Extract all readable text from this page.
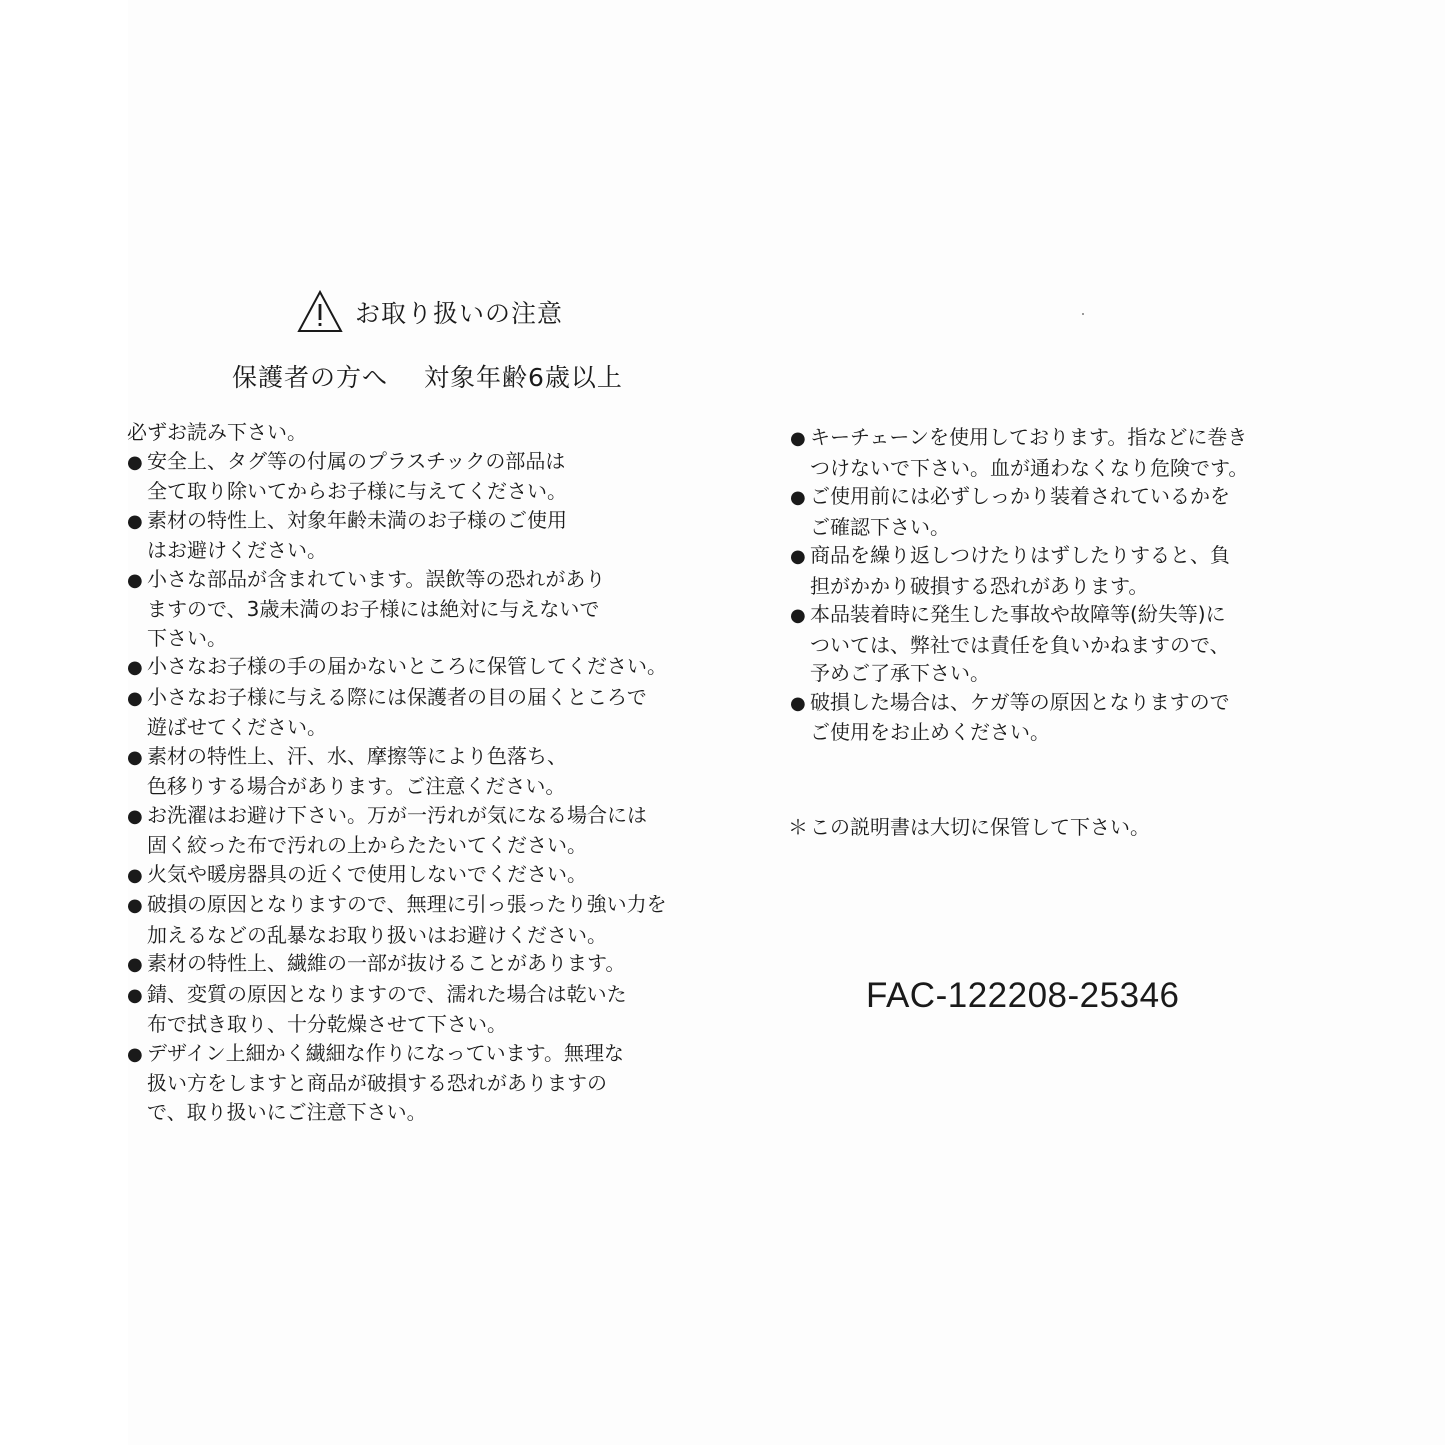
お取り扱いの注意
保護者の方へ 対象年齢6歳以上

必ずお読み下さい。

● 安全上、タグ等の付属のプラスチックの部品は
全て取り除いてからお子様に与えてください。
● 素材の特性上、対象年齢未満のお子様のご使用
はお避けください。
● 小さな部品が含まれています。誤飲等の恐れがあり
ますので、3歳未満のお子様には絶対に与えないで
下さい。
● 小さなお子様の手の届かないところに保管してください。
● 小さなお子様に与える際には保護者の目の届くところで
遊ばせてください。
● 素材の特性上、汗、水、摩擦等により色落ち、
色移りする場合があります。ご注意ください。
● お洗濯はお避け下さい。万が一汚れが気になる場合には
固く絞った布で汚れの上からたたいてください。
● 火気や暖房器具の近くで使用しないでください。
● 破損の原因となりますので、無理に引っ張ったり強い力を
加えるなどの乱暴なお取り扱いはお避けください。
● 素材の特性上、繊維の一部が抜けることがあります。
● 錆、変質の原因となりますので、濡れた場合は乾いた
布で拭き取り、十分乾燥させて下さい。
● デザイン上細かく繊細な作りになっています。無理な
扱い方をしますと商品が破損する恐れがありますの
で、取り扱いにご注意下さい。
● キーチェーンを使用しております。指などに巻き
つけないで下さい。血が通わなくなり危険です。
● ご使用前には必ずしっかり装着されているかを
ご確認下さい。
● 商品を繰り返しつけたりはずしたりすると、負
担がかかり破損する恐れがあります。
● 本品装着時に発生した事故や故障等(紛失等)に
ついては、弊社では責任を負いかねますので、
予めご了承下さい。
● 破損した場合は、ケガ等の原因となりますので
ご使用をお止めください。
＊ この説明書は大切に保管して下さい。
FAC-122208-25346
